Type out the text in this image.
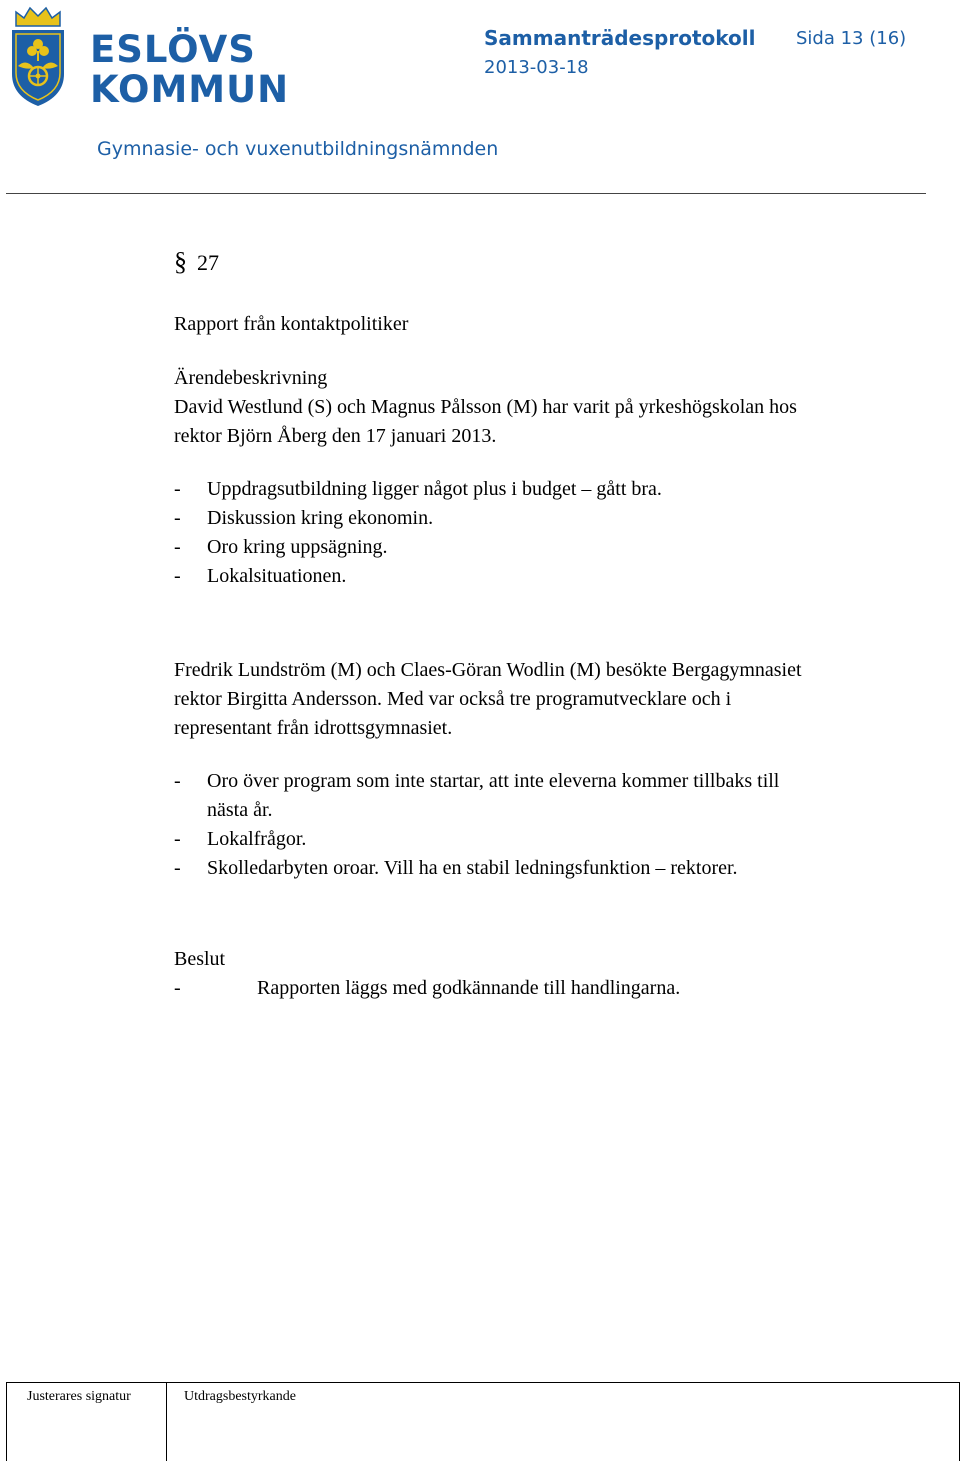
ESLÖVS
KOMMUN
Sammanträdesprotokoll Sida 13 (16)
2013-03-18
Gymnasie- och vuxenutbildningsnämnden
§ 27
Rapport från kontaktpolitiker
Ärendebeskrivning

David Westlund (S) och Magnus Pålsson (M) har varit på yrkeshögskolan hos rektor Björn Åberg den 17 januari 2013.

- Uppdragsutbildning ligger något plus i budget – gått bra.
- Diskussion kring ekonomin.
- Oro kring uppsägning.
- Lokalsituationen.

Fredrik Lundström (M) och Claes-Göran Wodlin (M) besökte Bergagymnasiet rektor Birgitta Andersson. Med var också tre programutvecklare och i representant från idrottsgymnasiet.

- Oro över program som inte startar, att inte eleverna kommer tillbaks till nästa år.
- Lokalfrågor.
- Skolledarbyten oroar. Vill ha en stabil ledningsfunktion – rektorer.
Beslut
-	Rapporten läggs med godkännande till handlingarna.
Justerares signatur	Utdragsbestyrkande
